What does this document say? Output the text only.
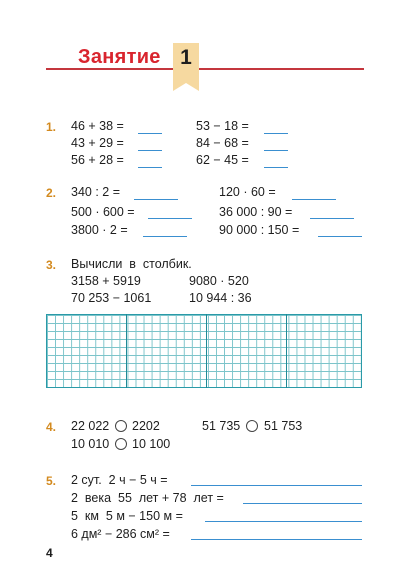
Занятие 1
1. 46 + 38 =
43 + 29 =
56 + 28 =
53 − 18 =
84 − 68 =
62 − 45 =
2. 340 : 2 =
500 · 600 =
3800 · 2 =
120 · 60 =
36 000 : 90 =
90 000 : 150 =
3. Вычисли  в  столбик.
3158 + 5919
70 253 − 1061
9080 · 520
10 944 : 36
4. 22 022 2202	51 735 51 753
10 010 10 100
5. 2 сут.  2 ч − 5 ч =
2  века  55  лет + 78  лет =
5  км  5 м − 150 м =
6 дм² − 286 см² =
4
